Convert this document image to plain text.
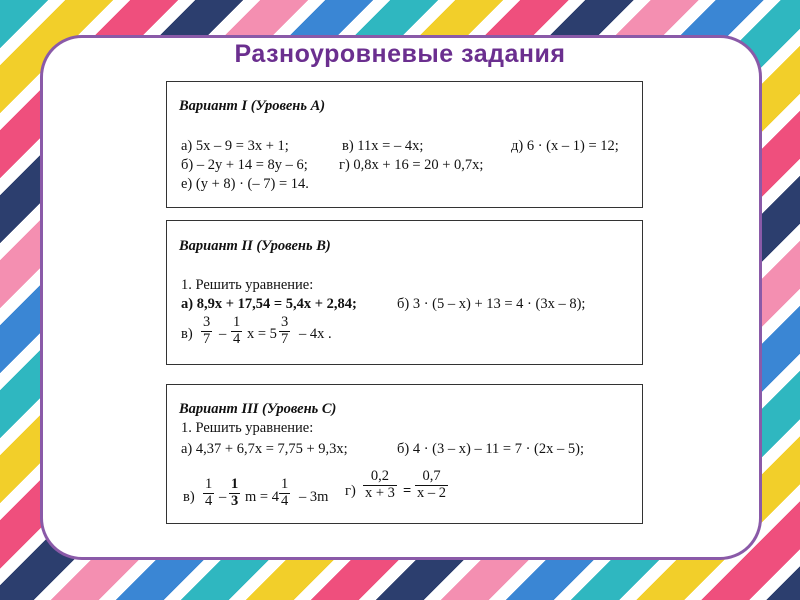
Разноуровневые задания
Вариант I (Уровень А)
а) 5x – 9 = 3x + 1;	в) 11x = – 4x;	д) 6 · (x – 1) = 12;
б) – 2y + 14 = 8y – 6; г) 0,8x + 16 = 20 + 0,7x;
е) (y + 8) · (– 7) = 14.
Вариант II (Уровень В)
1. Решить уравнение:
а) 8,9x + 17,54 = 5,4x + 2,84;	б) 3 · (5 – x) + 13 = 4 · (3x – 8);
$в) \frac{3}{7} - \frac{1}{4}$ $x = 5 \frac{3}{7} - 4x$ .
Вариант III (Уровень С)
1. Решить уравнение:
а) 4,37 + 6,7x = 7,75 + 9,3x;	б) 4 · (3 – x) – 11 = 7 · (2x – 5);
$в) \frac{1}{4} - \frac{1}{3}$ $m = 4 \frac{1}{4} - 3m$ $г) \frac{0,2}{x + 3} = \frac{0,7}{x - 2}$
